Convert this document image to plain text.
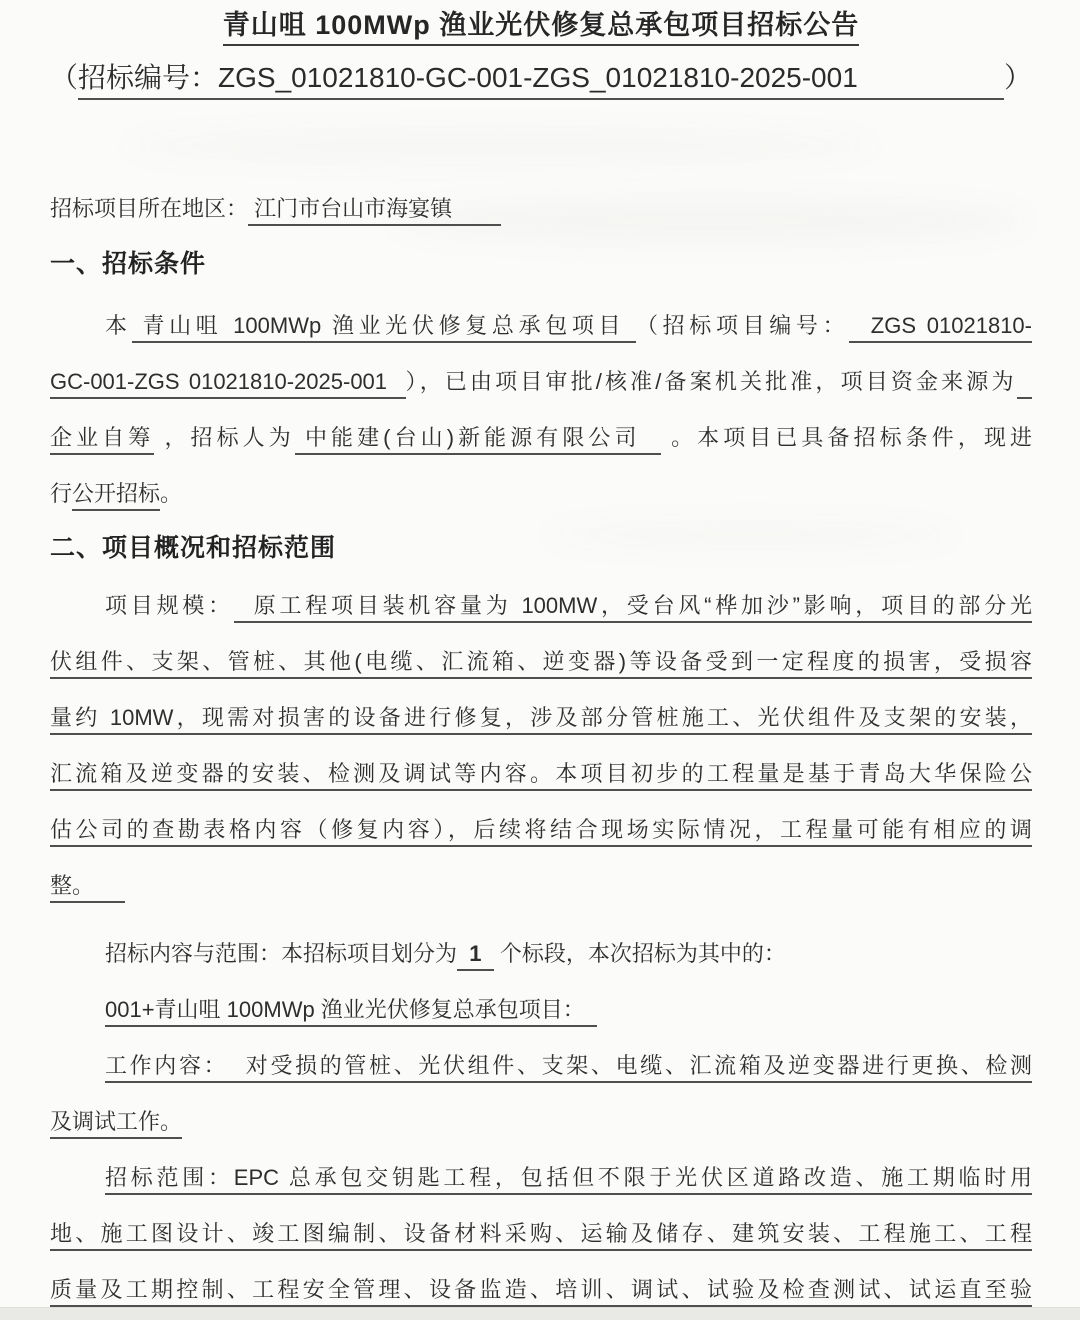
青山咀 100MWp 渔业光伏修复总承包项目招标公告
（ 招标编号：ZGS_01021810-GC-001-ZGS_01021810-2025-001	）
招标项目所在地区： 江门市台山市海宴镇
一、招标条件
本 青山咀 100MWp 渔业光伏修复总承包项目 （招标项目编号：  ZGS 01021810-
GC-001-ZGS 01021810-2025-001  ），已由项目审批/核准/备案机关批准，项目资金来源为
企业自筹 ，招标人为 中能建(台山)新能源有限公司   。本项目已具备招标条件，现进
行公开招标。
二、项目概况和招标范围
项目规模：  原工程项目装机容量为 100MW，受台风“桦加沙”影响，项目的部分光
伏组件、支架、管桩、其他(电缆、汇流箱、逆变器)等设备受到一定程度的损害，受损容
量约 10MW，现需对损害的设备进行修复，涉及部分管桩施工、光伏组件及支架的安装，
汇流箱及逆变器的安装、检测及调试等内容。本项目初步的工程量是基于青岛大华保险公
估公司的查勘表格内容（修复内容），后续将结合现场实际情况，工程量可能有相应的调
整。
招标内容与范围：本招标项目划分为  1   个标段，本次招标为其中的：
001+青山咀 100MWp 渔业光伏修复总承包项目：
工作内容：  对受损的管桩、光伏组件、支架、电缆、汇流箱及逆变器进行更换、检测
及调试工作。
招标范围：EPC 总承包交钥匙工程，包括但不限于光伏区道路改造、施工期临时用
地、施工图设计、竣工图编制、设备材料采购、运输及储存、建筑安装、工程施工、工程
质量及工期控制、工程安全管理、设备监造、培训、调试、试验及检查测试、试运直至验
